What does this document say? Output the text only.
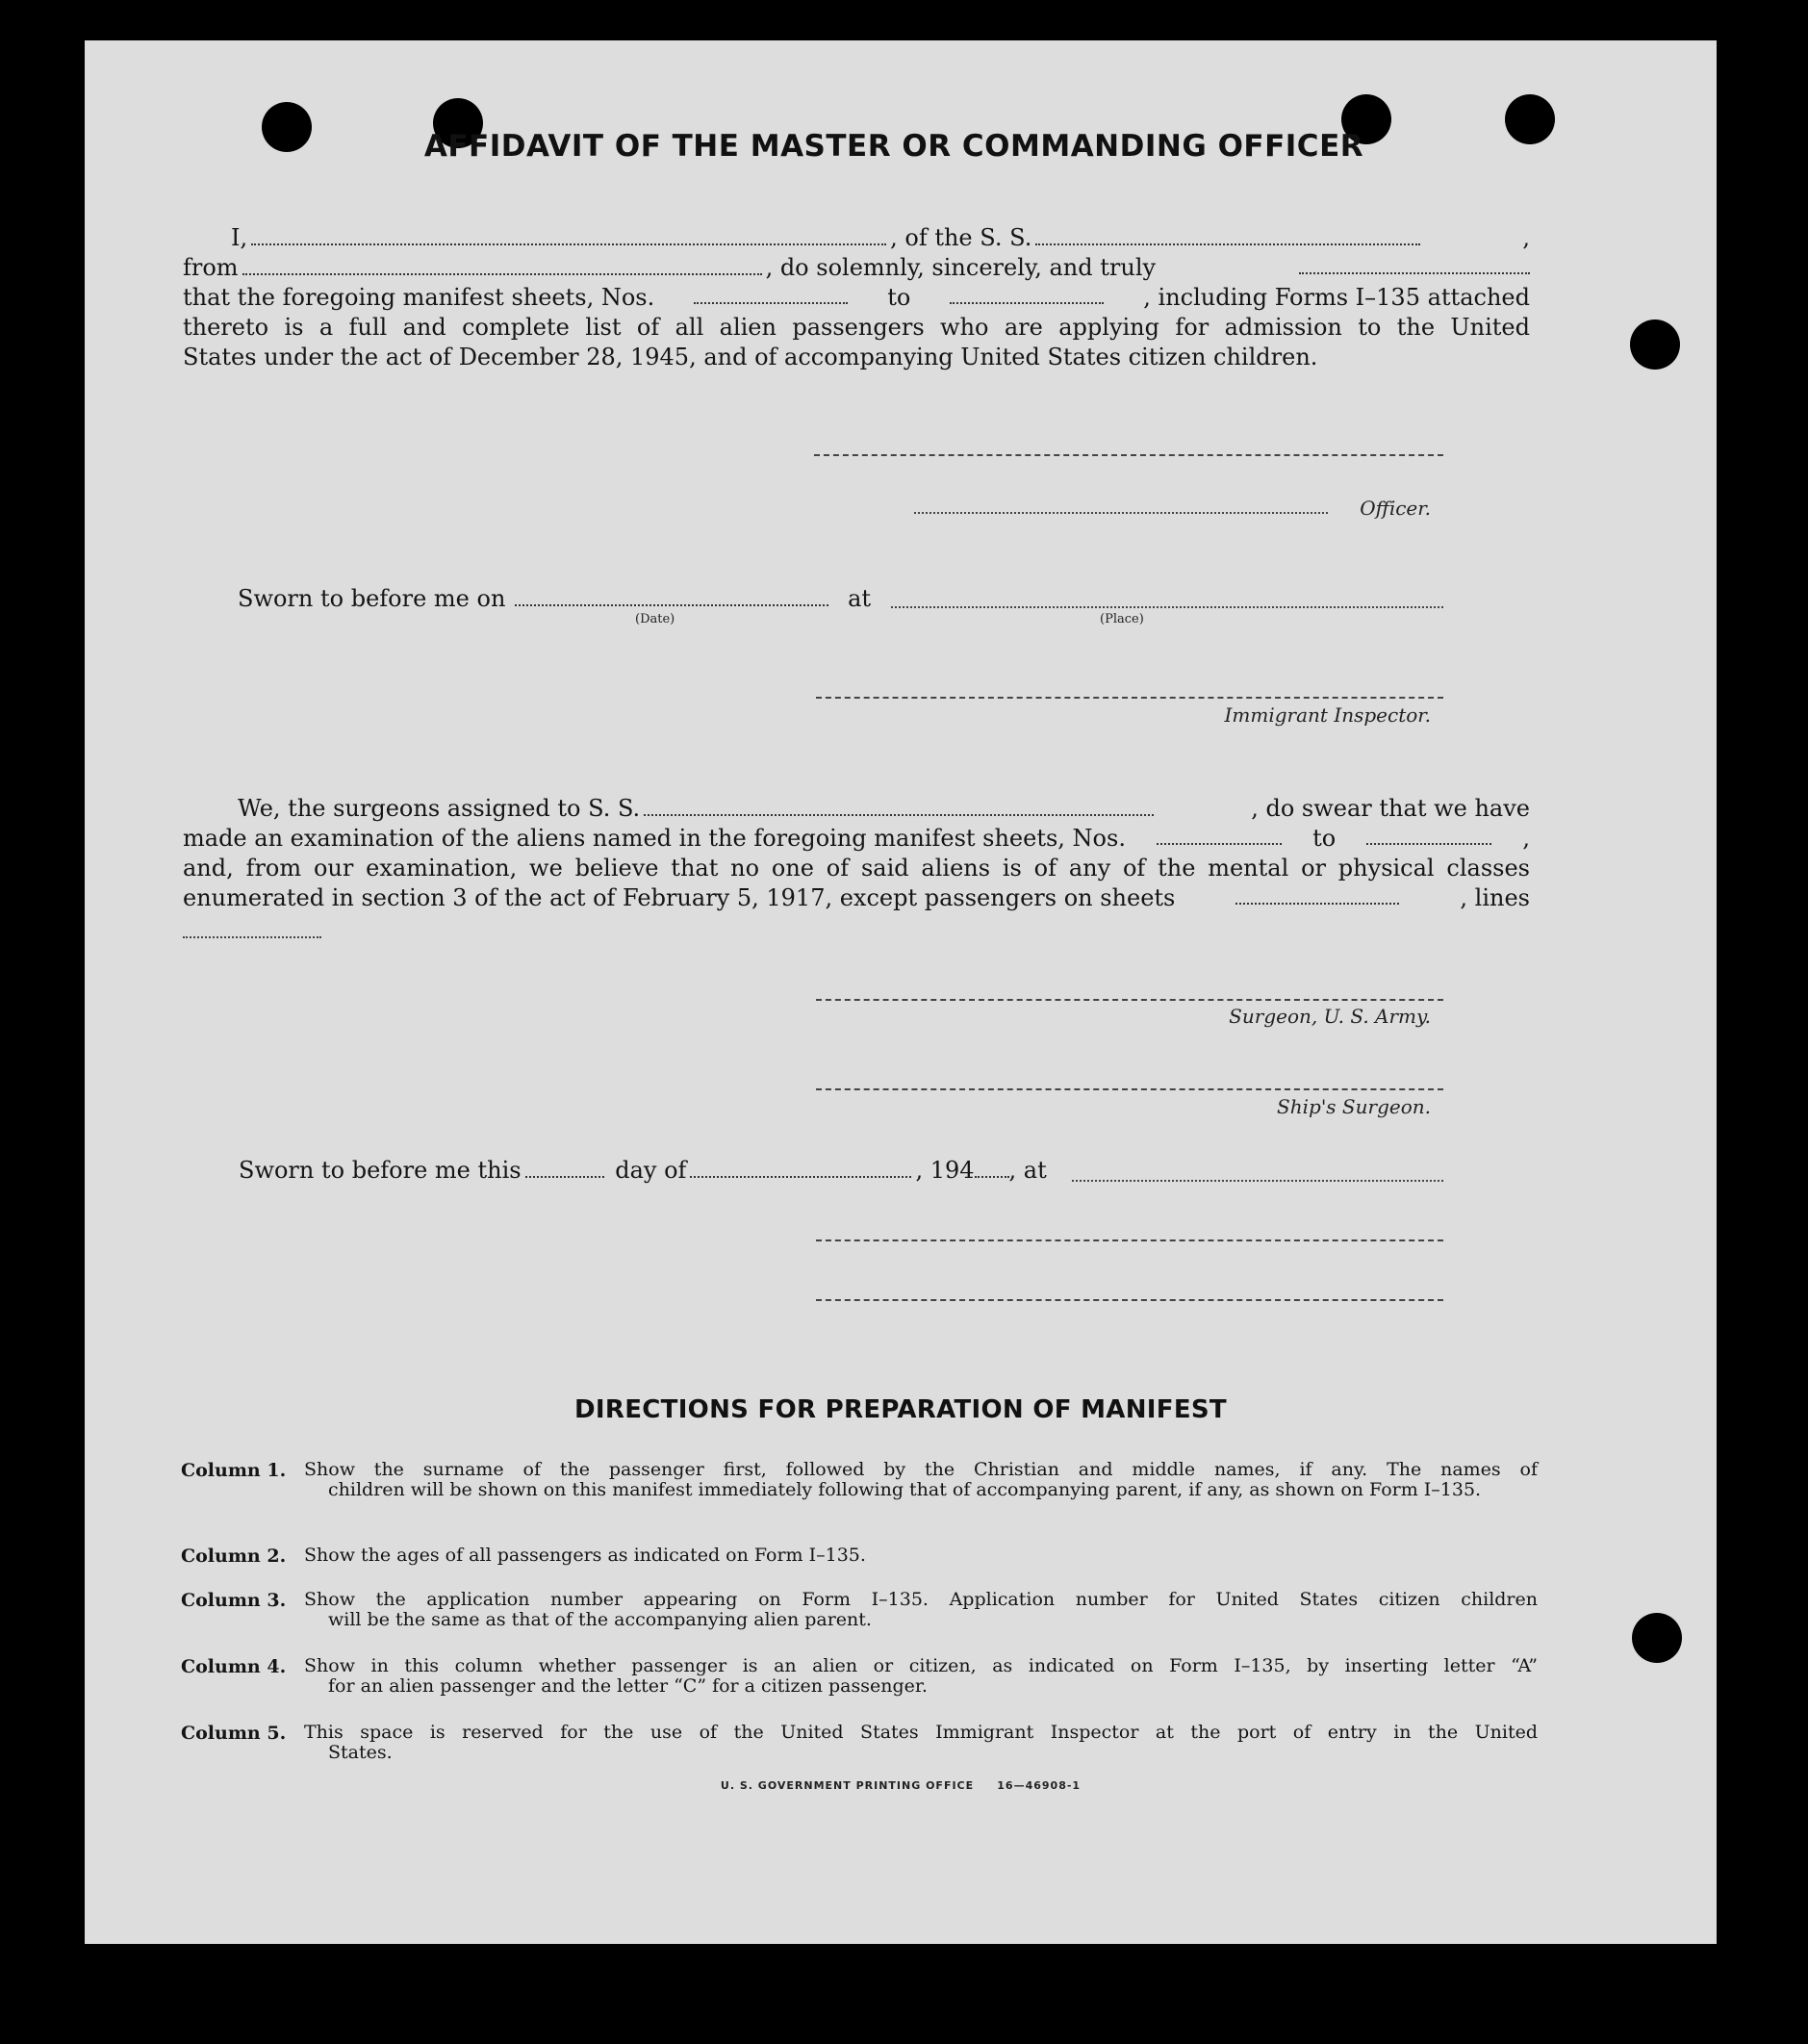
AFFIDAVIT OF THE MASTER OR COMMANDING OFFICER
I,	, of the S. S.	,
from	, do solemnly, sincerely, and truly
that the foregoing manifest sheets, Nos.	to	, including Forms I–135 attached
thereto is a full and complete list of all alien passengers who are applying for admission to the United
States under the act of December 28, 1945, and of accompanying United States citizen children.
Officer.
Sworn to before me on	at
(Date)	(Place)
Immigrant Inspector.
We, the surgeons assigned to S. S.	, do swear that we have
made an examination of the aliens named in the foregoing manifest sheets, Nos.	to	,
and, from our examination, we believe that no one of said aliens is of any of the mental or physical classes
enumerated in section 3 of the act of February 5, 1917, except passengers on sheets	, lines
Surgeon, U. S. Army.
Ship's Surgeon.
Sworn to before me this	day of	, 194 , at
DIRECTIONS FOR PREPARATION OF MANIFEST
Column 1. Show the surname of the passenger first, followed by the Christian and middle names, if any. The names of
children will be shown on this manifest immediately following that of accompanying parent, if any, as shown on Form I–135.
Column 2. Show the ages of all passengers as indicated on Form I–135.
Column 3. Show the application number appearing on Form I–135. Application number for United States citizen children
will be the same as that of the accompanying alien parent.
Column 4. Show in this column whether passenger is an alien or citizen, as indicated on Form I–135, by inserting letter “A”
for an alien passenger and the letter “C” for a citizen passenger.
Column 5. This space is reserved for the use of the United States Immigrant Inspector at the port of entry in the United
States.
U. S. GOVERNMENT PRINTING OFFICE     16—46908-1
